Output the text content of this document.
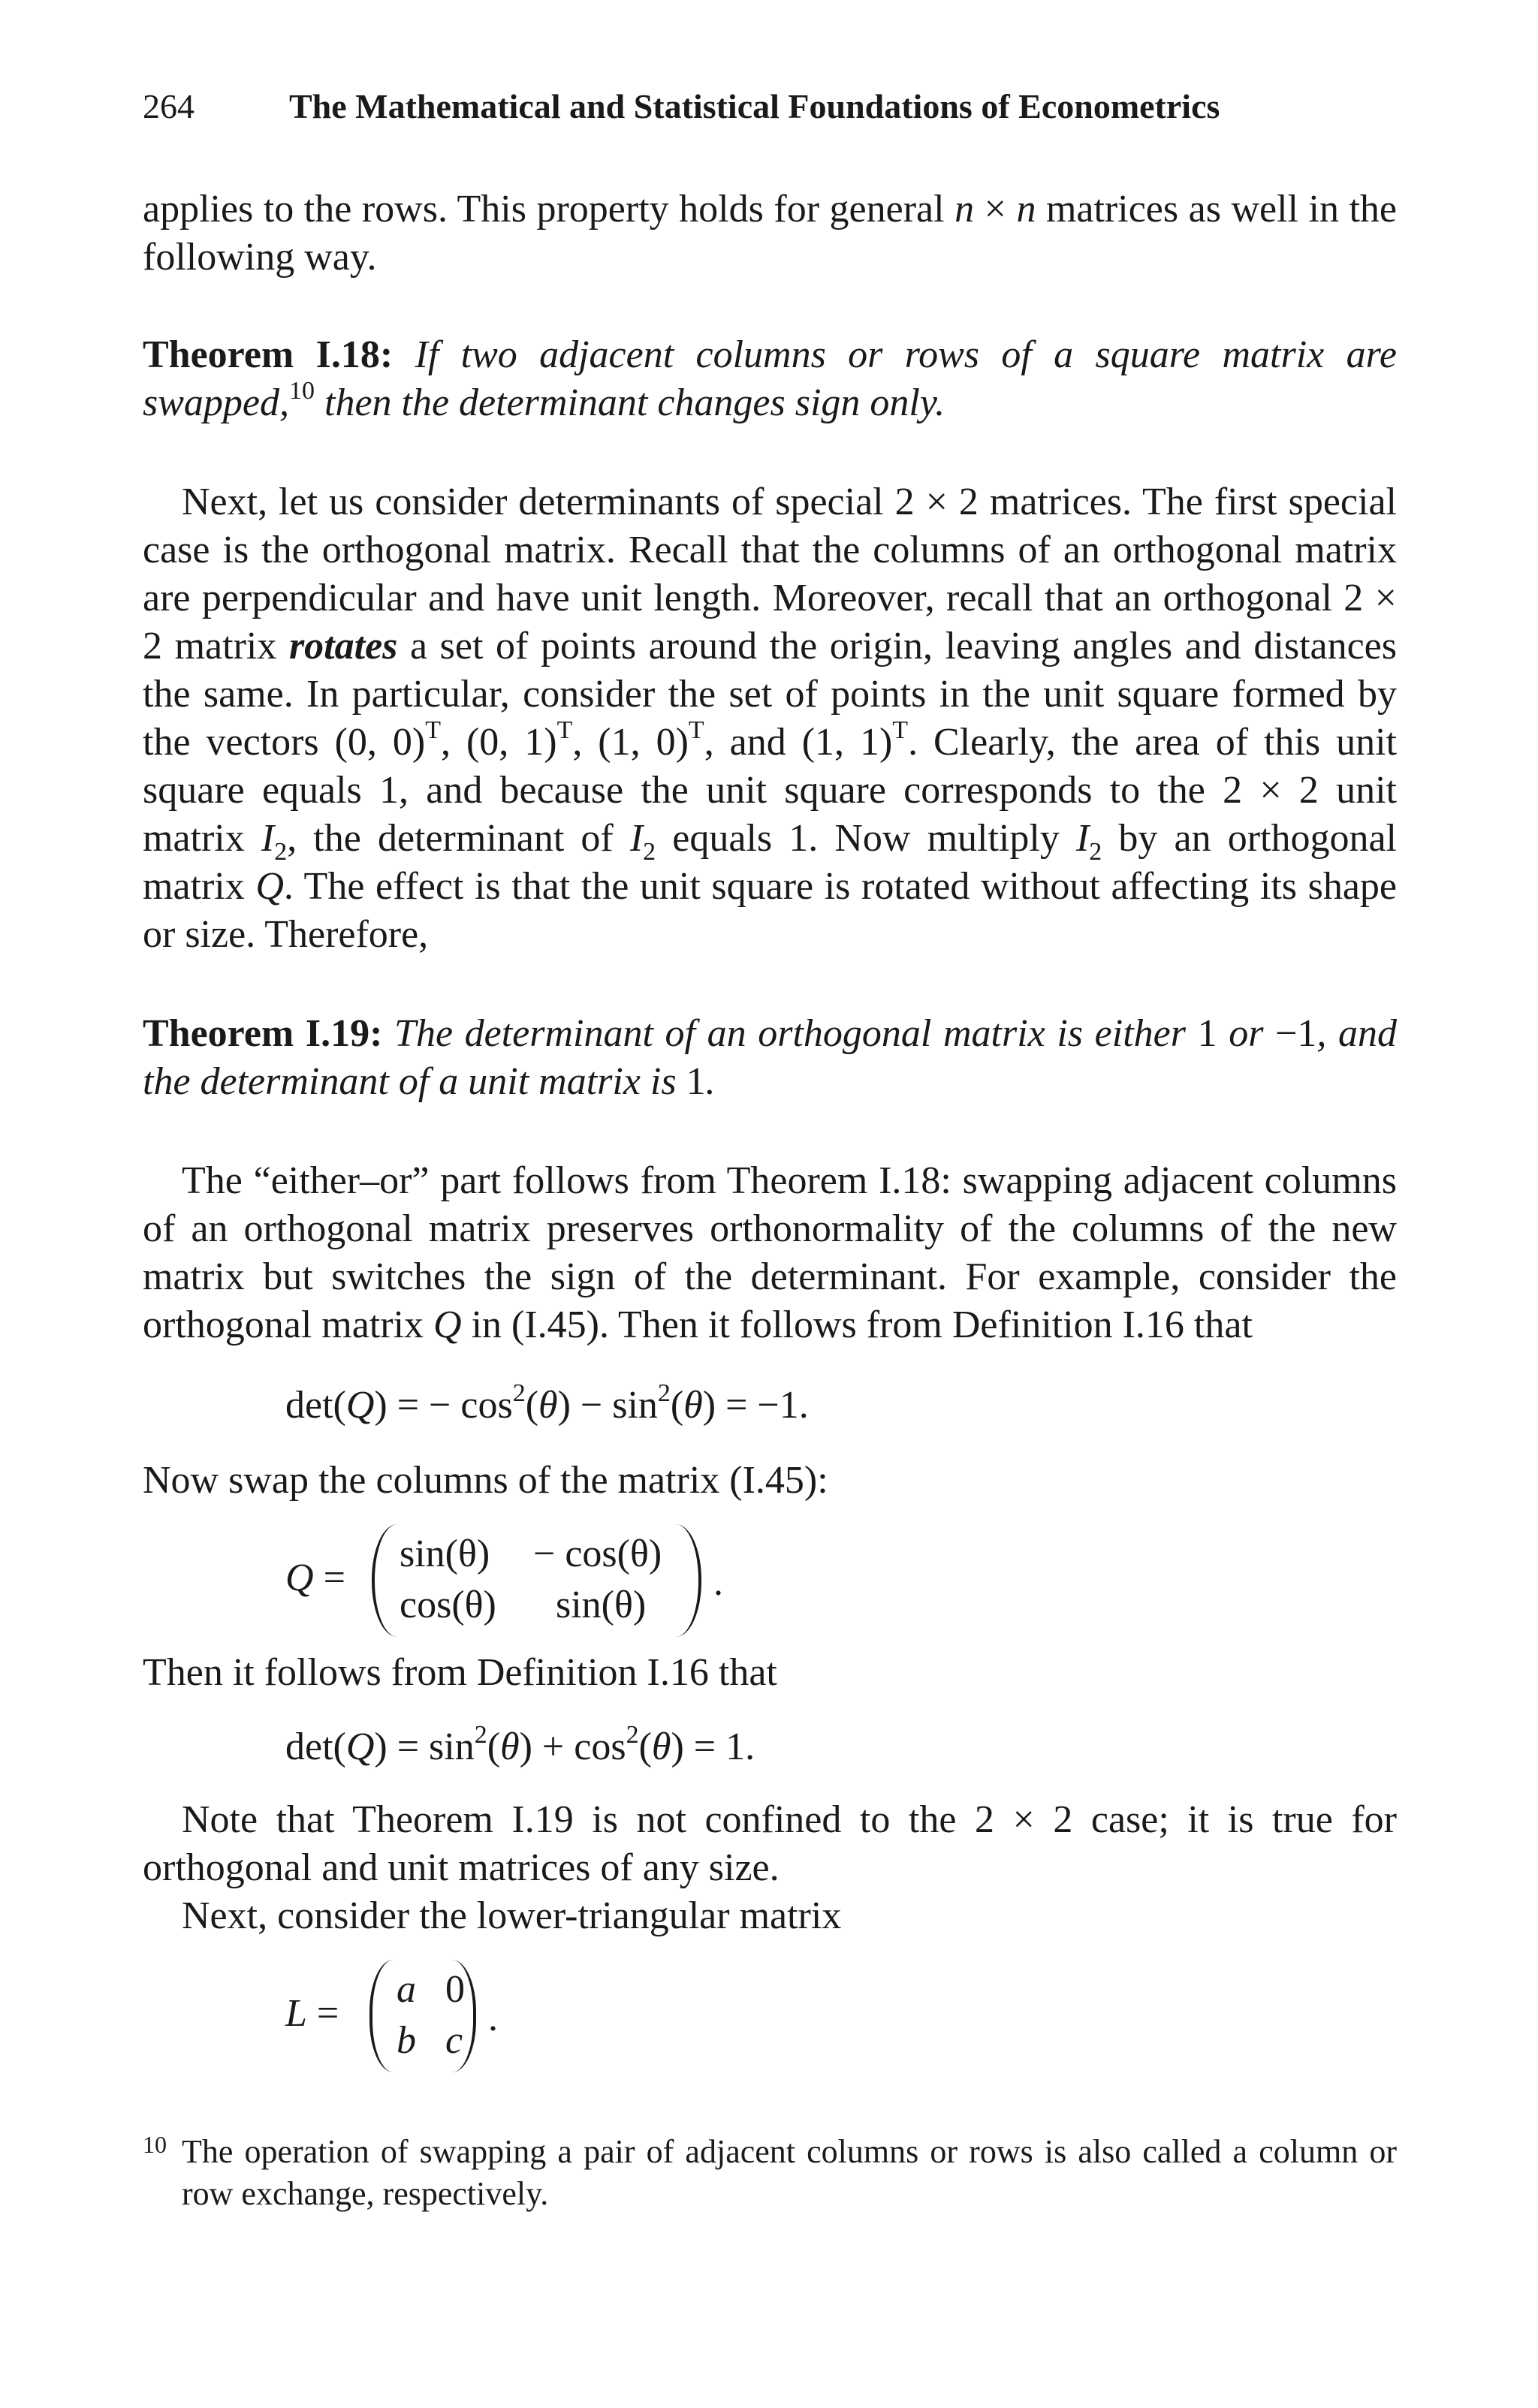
264	The Mathematical and Statistical Foundations of Econometrics

applies to the rows. This property holds for general n × n matrices as well in the following way.

Theorem I.18: If two adjacent columns or rows of a square matrix are swapped,$^{10}$ then the determinant changes sign only.

Next, let us consider determinants of special 2 × 2 matrices. The first special case is the orthogonal matrix. Recall that the columns of an orthogonal matrix are perpendicular and have unit length. Moreover, recall that an orthogonal 2 × 2 matrix rotates a set of points around the origin, leaving angles and distances the same. In particular, consider the set of points in the unit square formed by the vectors (0, 0)$^T$, (0, 1)$^T$, (1, 0)$^T$, and (1, 1)$^T$. Clearly, the area of this unit square equals 1, and because the unit square corresponds to the 2 × 2 unit matrix $I_2$, the determinant of $I_2$ equals 1. Now multiply $I_2$ by an orthogonal matrix Q. The effect is that the unit square is rotated without affecting its shape or size. Therefore,

Theorem I.19: The determinant of an orthogonal matrix is either 1 or −1, and the determinant of a unit matrix is 1.

The “either–or” part follows from Theorem I.18: swapping adjacent columns of an orthogonal matrix preserves orthonormality of the columns of the new matrix but switches the sign of the determinant. For example, consider the orthogonal matrix Q in (I.45). Then it follows from Definition I.16 that

det(Q) = − $\cos^2(\theta) - \sin^2(\theta) = -1$.

Now swap the columns of the matrix (I.45):

Q =
sin(θ) − cos(θ)
cos(θ) sin(θ)
.

Then it follows from Definition I.16 that

$\det(Q) = \sin^2(\theta) + \cos^2(\theta) = 1$.

Note that Theorem I.19 is not confined to the 2 × 2 case; it is true for orthogonal and unit matrices of any size.

Next, consider the lower-triangular matrix

L =
a 0
b c
.
10 The operation of swapping a pair of adjacent columns or rows is also called a column or row exchange, respectively.
